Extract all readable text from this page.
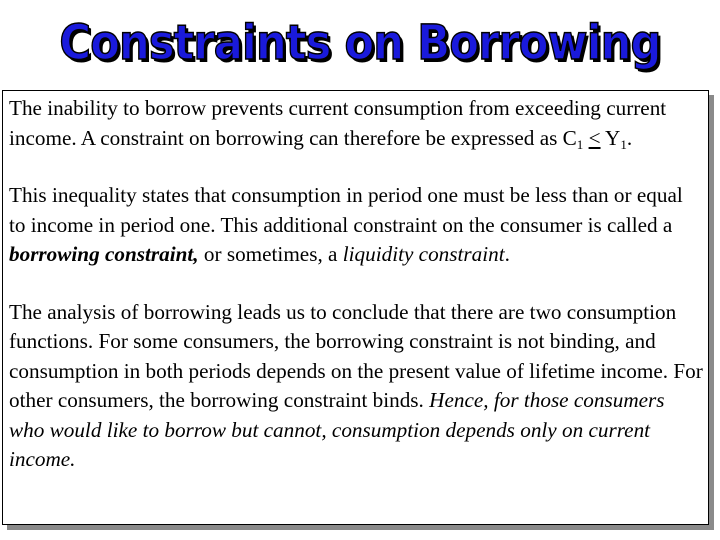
Constraints on Borrowing

The inability to borrow prevents current consumption from exceeding current income. A constraint on borrowing can therefore be expressed as $C_1 \le Y_1$.

This inequality states that consumption in period one must be less than or equal to income in period one. This additional constraint on the consumer is called a borrowing constraint, or sometimes, a liquidity constraint.

The analysis of borrowing leads us to conclude that there are two consumption functions. For some consumers, the borrowing constraint is not binding, and consumption in both periods depends on the present value of lifetime income. For other consumers, the borrowing constraint binds. Hence, for those consumers who would like to borrow but cannot, consumption depends only on current income.
